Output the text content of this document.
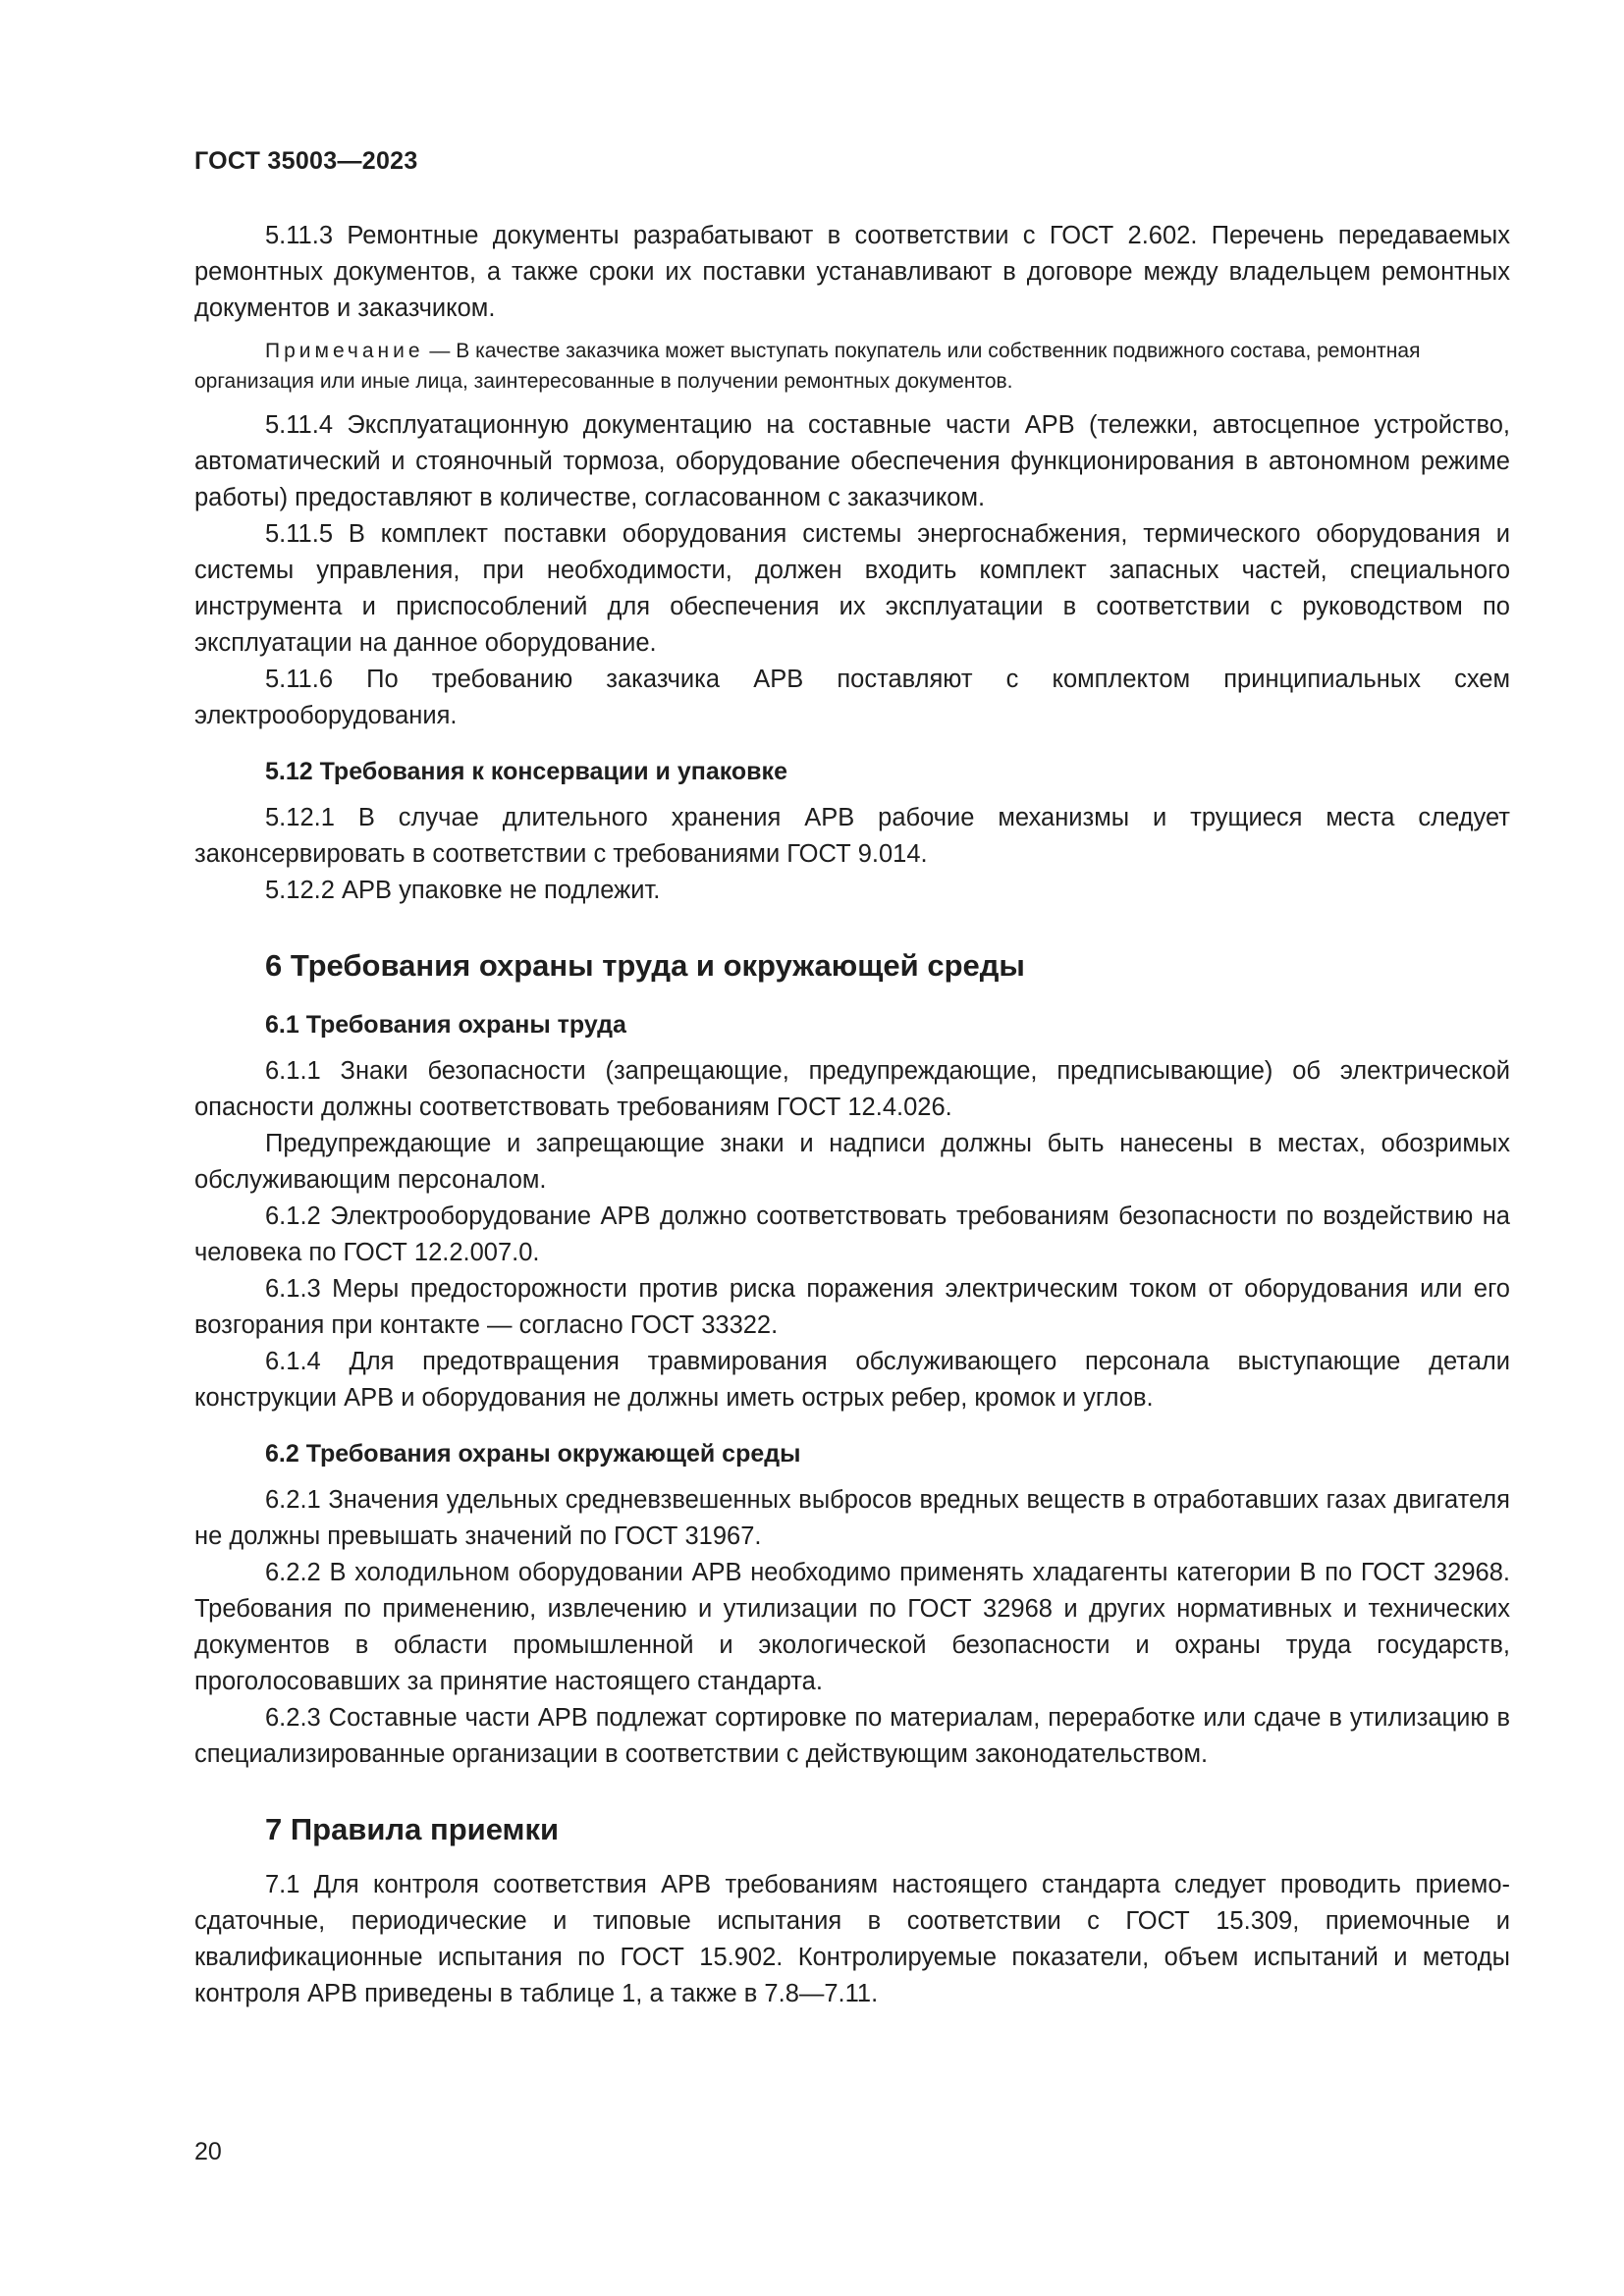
ГОСТ 35003—2023

5.11.3 Ремонтные документы разрабатывают в соответствии с ГОСТ 2.602. Перечень передаваемых ремонтных документов, а также сроки их поставки устанавливают в договоре между владельцем ремонтных документов и заказчиком.

Примечание — В качестве заказчика может выступать покупатель или собственник подвижного состава, ремонтная организация или иные лица, заинтересованные в получении ремонтных документов.

5.11.4 Эксплуатационную документацию на составные части АРВ (тележки, автосцепное устройство, автоматический и стояночный тормоза, оборудование обеспечения функционирования в автономном режиме работы) предоставляют в количестве, согласованном с заказчиком.

5.11.5 В комплект поставки оборудования системы энергоснабжения, термического оборудования и системы управления, при необходимости, должен входить комплект запасных частей, специального инструмента и приспособлений для обеспечения их эксплуатации в соответствии с руководством по эксплуатации на данное оборудование.

5.11.6 По требованию заказчика АРВ поставляют с комплектом принципиальных схем электрооборудования.

5.12 Требования к консервации и упаковке

5.12.1 В случае длительного хранения АРВ рабочие механизмы и трущиеся места следует законсервировать в соответствии с требованиями ГОСТ 9.014.

5.12.2 АРВ упаковке не подлежит.

6 Требования охраны труда и окружающей среды
6.1 Требования охраны труда

6.1.1 Знаки безопасности (запрещающие, предупреждающие, предписывающие) об электрической опасности должны соответствовать требованиям ГОСТ 12.4.026.

Предупреждающие и запрещающие знаки и надписи должны быть нанесены в местах, обозримых обслуживающим персоналом.

6.1.2 Электрооборудование АРВ должно соответствовать требованиям безопасности по воздействию на человека по ГОСТ 12.2.007.0.

6.1.3 Меры предосторожности против риска поражения электрическим током от оборудования или его возгорания при контакте — согласно ГОСТ 33322.

6.1.4 Для предотвращения травмирования обслуживающего персонала выступающие детали конструкции АРВ и оборудования не должны иметь острых ребер, кромок и углов.

6.2 Требования охраны окружающей среды

6.2.1 Значения удельных средневзвешенных выбросов вредных веществ в отработавших газах двигателя не должны превышать значений по ГОСТ 31967.

6.2.2 В холодильном оборудовании АРВ необходимо применять хладагенты категории В по ГОСТ 32968. Требования по применению, извлечению и утилизации по ГОСТ 32968 и других нормативных и технических документов в области промышленной и экологической безопасности и охраны труда государств, проголосовавших за принятие настоящего стандарта.

6.2.3 Составные части АРВ подлежат сортировке по материалам, переработке или сдаче в утилизацию в специализированные организации в соответствии с действующим законодательством.

7 Правила приемки

7.1 Для контроля соответствия АРВ требованиям настоящего стандарта следует проводить приемо-сдаточные, периодические и типовые испытания в соответствии с ГОСТ 15.309, приемочные и квалификационные испытания по ГОСТ 15.902. Контролируемые показатели, объем испытаний и методы контроля АРВ приведены в таблице 1, а также в 7.8—7.11.

20
